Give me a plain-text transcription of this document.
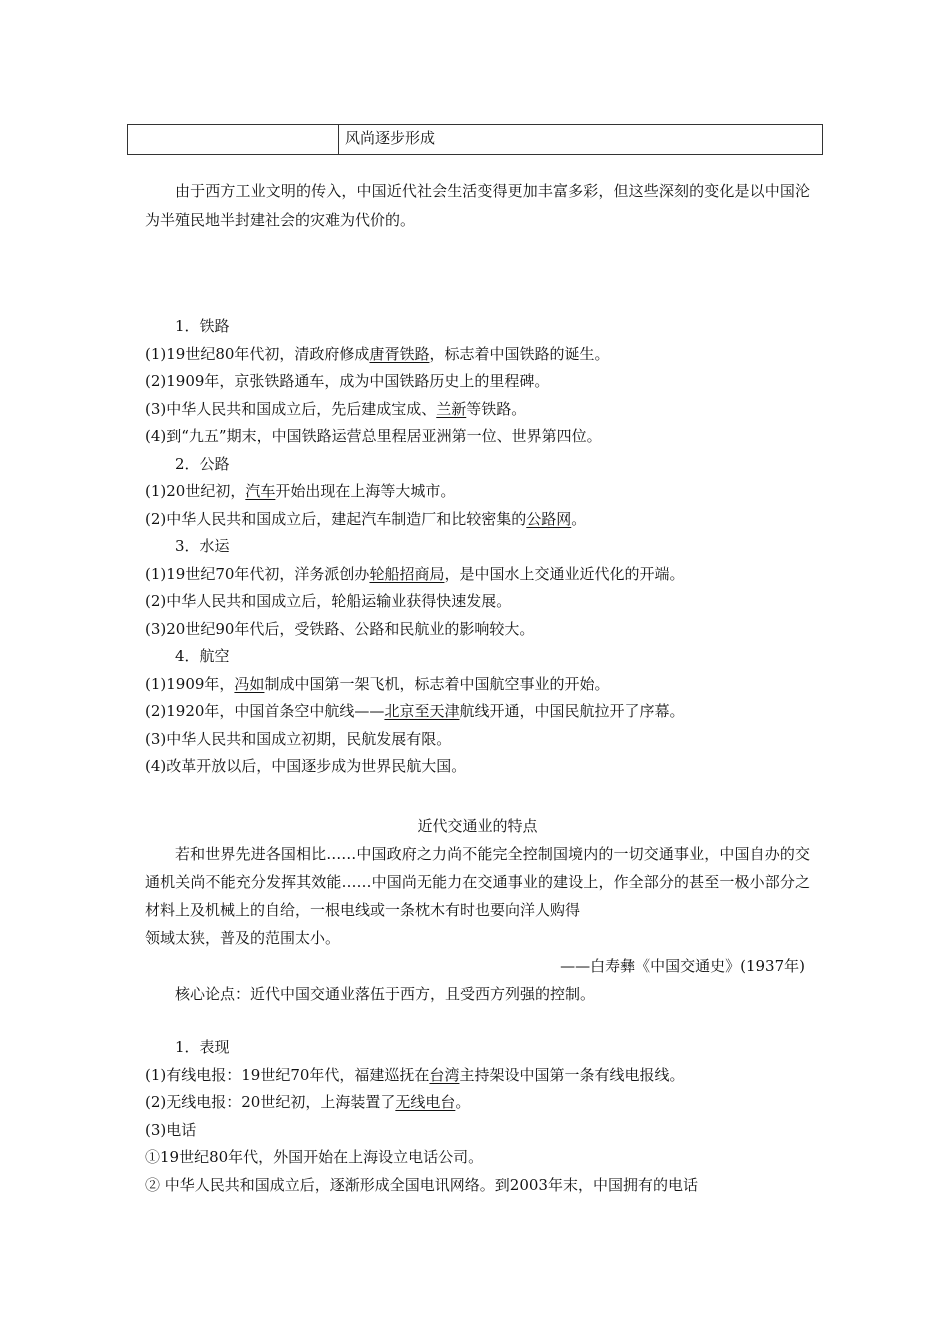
风尚逐步形成

由于西方工业文明的传入，中国近代社会生活变得更加丰富多彩，但这些深刻的变化是以中国沦为半殖民地半封建社会的灾难为代价的。

1．铁路
(1)19世纪80年代初，清政府修成唐胥铁路，标志着中国铁路的诞生。
(2)1909年，京张铁路通车，成为中国铁路历史上的里程碑。
(3)中华人民共和国成立后，先后建成宝成、兰新等铁路。
(4)到“九五”期末，中国铁路运营总里程居亚洲第一位、世界第四位。
2．公路
(1)20世纪初，汽车开始出现在上海等大城市。
(2)中华人民共和国成立后，建起汽车制造厂和比较密集的公路网。
3．水运
(1)19世纪70年代初，洋务派创办轮船招商局，是中国水上交通业近代化的开端。
(2)中华人民共和国成立后，轮船运输业获得快速发展。
(3)20世纪90年代后，受铁路、公路和民航业的影响较大。
4．航空
(1)1909年，冯如制成中国第一架飞机，标志着中国航空事业的开始。
(2)1920年，中国首条空中航线——北京至天津航线开通，中国民航拉开了序幕。
(3)中华人民共和国成立初期，民航发展有限。
(4)改革开放以后，中国逐步成为世界民航大国。
近代交通业的特点

若和世界先进各国相比……中国政府之力尚不能完全控制国境内的一切交通事业，中国自办的交通机关尚不能充分发挥其效能……中国尚无能力在交通事业的建设上，作全部分的甚至一极小部分之材料上及机械上的自给，一根电线或一条枕木有时也要向洋人购得

领域太狭，普及的范围太小。

——白寿彝《中国交通史》(1937年)
核心论点：近代中国交通业落伍于西方，且受西方列强的控制。
1．表现
(1)有线电报：19世纪70年代，福建巡抚在台湾主持架设中国第一条有线电报线。
(2)无线电报：20世纪初，上海装置了无线电台。
(3)电话
①19世纪80年代，外国开始在上海设立电话公司。
② 中华人民共和国成立后，逐渐形成全国电讯网络。到2003年末，中国拥有的电话
